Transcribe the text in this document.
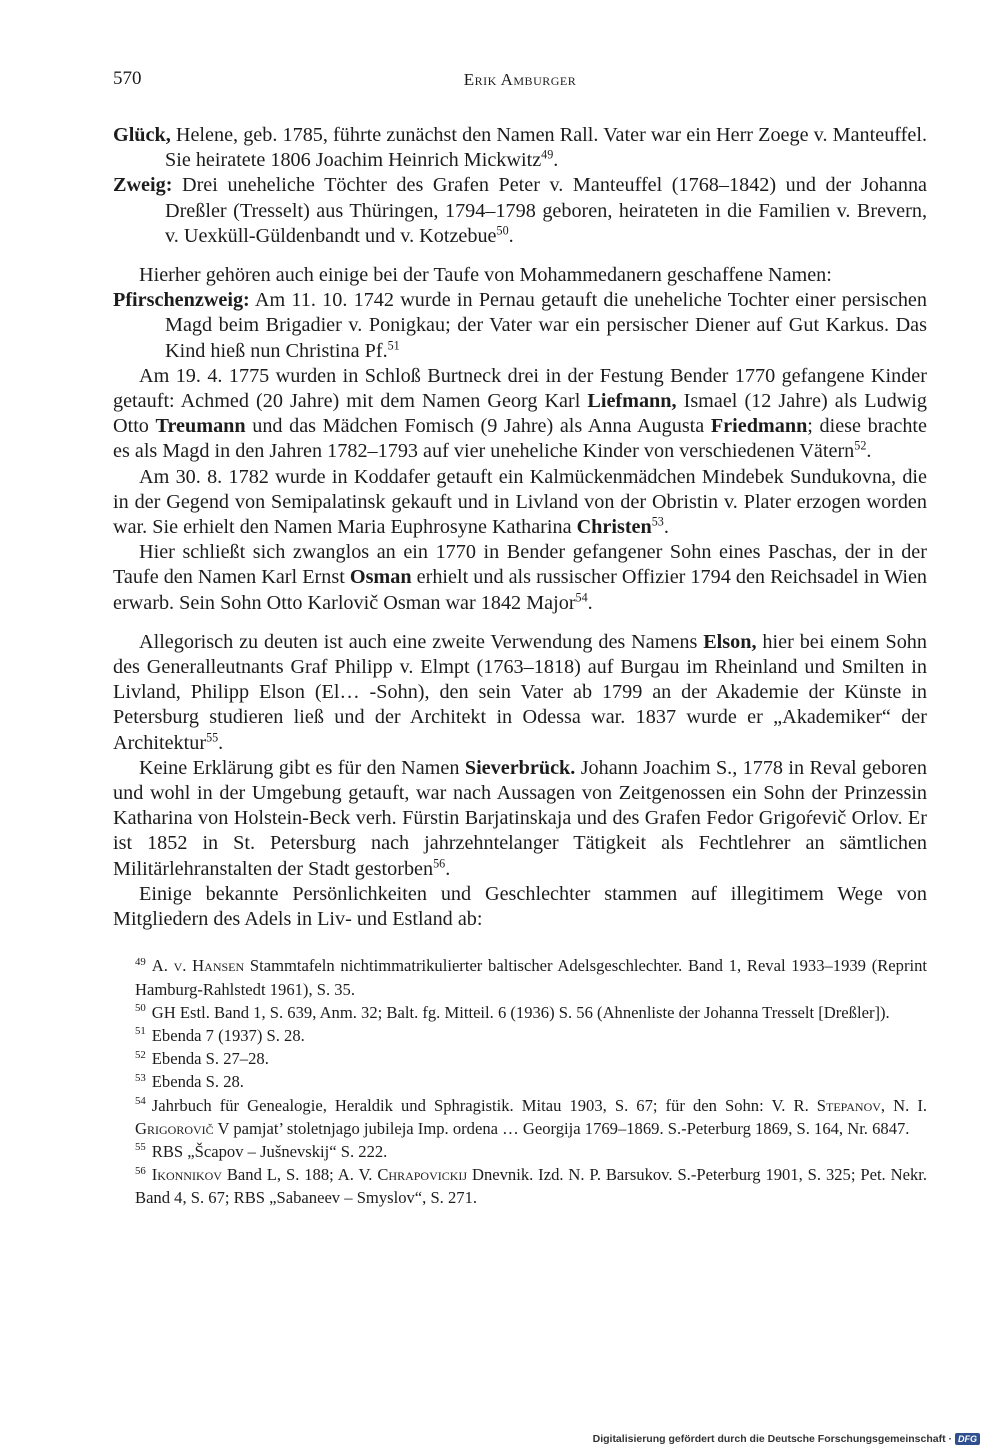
570	Erik Amburger

Glück, Helene, geb. 1785, führte zunächst den Namen Rall. Vater war ein Herr Zoege v. Manteuffel. Sie heiratete 1806 Joachim Heinrich Mickwitz$^{49}$.

Zweig: Drei uneheliche Töchter des Grafen Peter v. Manteuffel (1768–1842) und der Johanna Dreßler (Tresselt) aus Thüringen, 1794–1798 geboren, heirateten in die Familien v. Brevern, v. Uexküll-Güldenbandt und v. Kotzebue$^{50}$.

Hierher gehören auch einige bei der Taufe von Mohammedanern geschaffene Namen:

Pfirschenzweig: Am 11. 10. 1742 wurde in Pernau getauft die uneheliche Tochter einer persischen Magd beim Brigadier v. Ponigkau; der Vater war ein persischer Diener auf Gut Karkus. Das Kind hieß nun Christina Pf.$^{51}$

Am 19. 4. 1775 wurden in Schloß Burtneck drei in der Festung Bender 1770 gefangene Kinder getauft: Achmed (20 Jahre) mit dem Namen Georg Karl Liefmann, Ismael (12 Jahre) als Ludwig Otto Treumann und das Mädchen Fomisch (9 Jahre) als Anna Augusta Friedmann; diese brachte es als Magd in den Jahren 1782–1793 auf vier uneheliche Kinder von verschiedenen Vätern$^{52}$.

Am 30. 8. 1782 wurde in Koddafer getauft ein Kalmückenmädchen Mindebek Sundukovna, die in der Gegend von Semipalatinsk gekauft und in Livland von der Obristin v. Plater erzogen worden war. Sie erhielt den Namen Maria Euphrosyne Katharina Christen$^{53}$.

Hier schließt sich zwanglos an ein 1770 in Bender gefangener Sohn eines Paschas, der in der Taufe den Namen Karl Ernst Osman erhielt und als russischer Offizier 1794 den Reichsadel in Wien erwarb. Sein Sohn Otto Karlovič Osman war 1842 Major$^{54}$.

Allegorisch zu deuten ist auch eine zweite Verwendung des Namens Elson, hier bei einem Sohn des Generalleutnants Graf Philipp v. Elmpt (1763–1818) auf Burgau im Rheinland und Smilten in Livland, Philipp Elson (El… -Sohn), den sein Vater ab 1799 an der Akademie der Künste in Petersburg studieren ließ und der Architekt in Odessa war. 1837 wurde er „Akademiker“ der Architektur$^{55}$.

Keine Erklärung gibt es für den Namen Sieverbrück. Johann Joachim S., 1778 in Reval geboren und wohl in der Umgebung getauft, war nach Aussagen von Zeitgenossen ein Sohn der Prinzessin Katharina von Holstein-Beck verh. Fürstin Barjatinskaja und des Grafen Fedor Grigoŕevič Orlov. Er ist 1852 in St. Petersburg nach jahrzehntelanger Tätigkeit als Fechtlehrer an sämtlichen Militärlehranstalten der Stadt gestorben$^{56}$.

Einige bekannte Persönlichkeiten und Geschlechter stammen auf illegitimem Wege von Mitgliedern des Adels in Liv- und Estland ab:

$^{49}$ A. v. Hansen Stammtafeln nichtimmatrikulierter baltischer Adelsgeschlechter. Band 1, Reval 1933–1939 (Reprint Hamburg-Rahlstedt 1961), S. 35.

$^{50}$ GH Estl. Band 1, S. 639, Anm. 32; Balt. fg. Mitteil. 6 (1936) S. 56 (Ahnenliste der Johanna Tresselt [Dreßler]).

$^{51}$ Ebenda 7 (1937) S. 28.

$^{52}$ Ebenda S. 27–28.

$^{53}$ Ebenda S. 28.

$^{54}$ Jahrbuch für Genealogie, Heraldik und Sphragistik. Mitau 1903, S. 67; für den Sohn: V. R. Stepanov, N. I. Grigorovič V pamjat’ stoletnjago jubileja Imp. ordena … Georgija 1769–1869. S.-Peterburg 1869, S. 164, Nr. 6847.

$^{55}$ RBS „Šcapov – Jušnevskij“ S. 222.

$^{56}$ Ikonnikov Band L, S. 188; A. V. Chrapovickij Dnevnik. Izd. N. P. Barsukov. S.-Peterburg 1901, S. 325; Pet. Nekr. Band 4, S. 67; RBS „Sabaneev – Smyslov“, S. 271.

Digitalisierung gefördert durch die Deutsche Forschungsgemeinschaft · DFG
